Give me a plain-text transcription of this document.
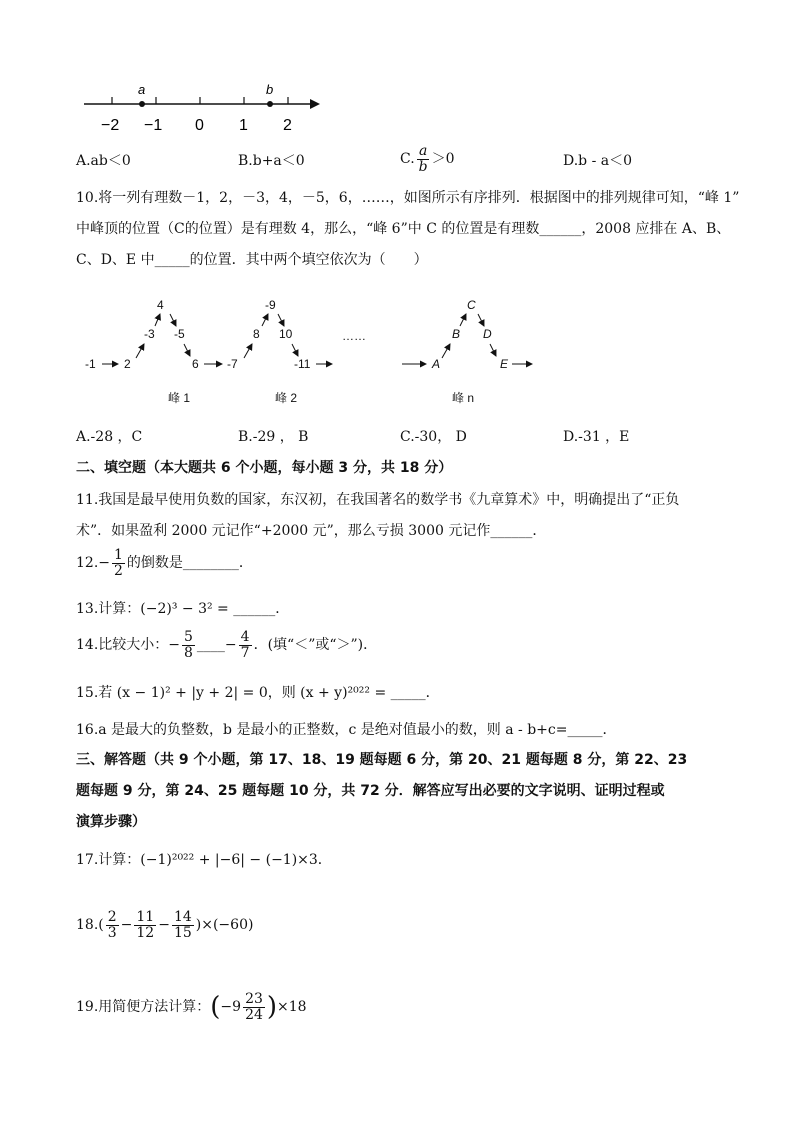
a	b
−2 −1 0 1 2
A.ab＜0	B.b+a＜0	C. $\frac{a}{b} >0$	D.b - a＜0
10.将一列有理数－1，2，－3，4，－5，6，……，如图所示有序排列．根据图中的排列规律可知，“峰 1”
中峰顶的位置（C的位置）是有理数 4，那么，“峰 6”中 C 的位置是有理数______，2008 应排在 A、B、
C、D、E 中_____的位置．其中两个填空依次为（　　）
-1 2
-3
4
-5
6 -7
8
-9
10
-11
……
A
B
C
D
E
峰 1	峰 2	峰 n
A.-28 ，C	B.-29 ， B	C.-30， D	D.-31 ，E
二、填空题（本大题共 6 个小题，每小题 3 分，共 18 分）
11.我国是最早使用负数的国家，东汉初，在我国著名的数学书《九章算术》中，明确提出了“正负
术”．如果盈利 2000 元记作“+2000 元”，那么亏损 3000 元记作______．
$12.- \frac{1}{2}$ 的倒数是________．
13.计算：(−2)³ − 3² = ______．
14.比较大小：− $\frac{5}{8}$ ____− $\frac{4}{7}$ ．(填“＜”或“＞”)．
15.若 (x − 1)² + |y + 2| = 0，则 (x + y)²⁰²² = _____．
16.a 是最大的负整数，b 是最小的正整数，c 是绝对值最小的数，则 a - b+c=_____．
三、解答题（共 9 个小题，第 17、18、19 题每题 6 分，第 20、21 题每题 8 分，第 22、23
题每题 9 分，第 24、25 题每题 10 分，共 72 分．解答应写出必要的文字说明、证明过程或
演算步骤）
17.计算：(−1)²⁰²² + |−6| − (−1)×3．
$18.( \frac{2}{3} - \frac{11}{12} - \frac{14}{15} )\times(-60)$
19.用简便方法计算：$(-9 \frac{23}{24} )\times 18$
